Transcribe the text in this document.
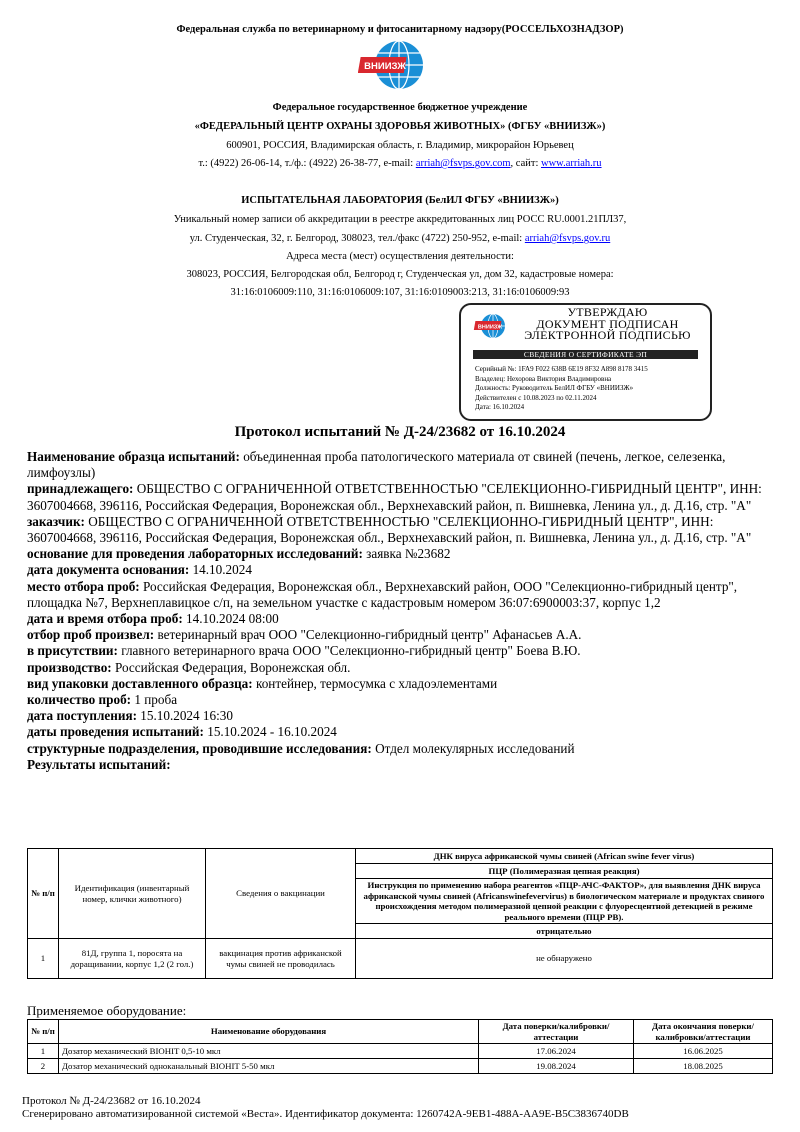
Федеральная служба по ветеринарному и фитосанитарному надзору(РОССЕЛЬХОЗНАДЗОР)
ВНИИЗЖ
Федеральное государственное бюджетное учреждение
«ФЕДЕРАЛЬНЫЙ ЦЕНТР ОХРАНЫ ЗДОРОВЬЯ ЖИВОТНЫХ» (ФГБУ «ВНИИЗЖ»)
600901, РОССИЯ, Владимирская область, г. Владимир, микрорайон Юрьевец
т.: (4922) 26-06-14, т./ф.: (4922) 26-38-77, e-mail: arriah@fsvps.gov.com, сайт: www.arriah.ru
ИСПЫТАТЕЛЬНАЯ ЛАБОРАТОРИЯ (БелИЛ ФГБУ «ВНИИЗЖ»)
Уникальный номер записи об аккредитации в реестре аккредитованных лиц РОСС RU.0001.21ПЛ37,
ул. Студенческая, 32, г. Белгород, 308023, тел./факс (4722) 250-952, e-mail: arriah@fsvps.gov.ru
Адреса места (мест) осуществления деятельности:
308023, РОССИЯ, Белгородская обл, Белгород г, Студенческая ул, дом 32, кадастровые номера:
31:16:0106009:110, 31:16:0106009:107, 31:16:0109003:213, 31:16:0106009:93
ВНИИЗЖ
УТВЕРЖДАЮ
ДОКУМЕНТ ПОДПИСАН
ЭЛЕКТРОННОЙ ПОДПИСЬЮ
СВЕДЕНИЯ О СЕРТИФИКАТЕ ЭП
Серийный №: 1FA9 F022 638B 6E19 8F32 A898 8178 3415
Владелец: Нехорова Виктория Владимировна
Должность: Руководитель БелИЛ ФГБУ «ВНИИЗЖ»
Действителен с 10.08.2023 по 02.11.2024
Дата: 16.10.2024
Протокол испытаний № Д-24/23682 от 16.10.2024

Наименование образца испытаний: объединенная проба патологического материала от свиней (печень, легкое, селезенка, лимфоузлы)

принадлежащего: ОБЩЕСТВО С ОГРАНИЧЕННОЙ ОТВЕТСТВЕННОСТЬЮ "СЕЛЕКЦИОННО-ГИБРИДНЫЙ ЦЕНТР", ИНН: 3607004668, 396116, Российская Федерация, Воронежская обл., Верхнехавский район, п. Вишневка, Ленина ул., д. Д.16, стр. "А"

заказчик: ОБЩЕСТВО С ОГРАНИЧЕННОЙ ОТВЕТСТВЕННОСТЬЮ "СЕЛЕКЦИОННО-ГИБРИДНЫЙ ЦЕНТР", ИНН: 3607004668, 396116, Российская Федерация, Воронежская обл., Верхнехавский район, п. Вишневка, Ленина ул., д. Д.16, стр. "А"

основание для проведения лабораторных исследований: заявка №23682

дата документа основания: 14.10.2024

место отбора проб: Российская Федерация, Воронежская обл., Верхнехавский район, ООО "Селекционно-гибридный центр", площадка №7, Верхнеплавицкое с/п, на земельном участке с кадастровым номером 36:07:6900003:37, корпус 1,2

дата и время отбора проб: 14.10.2024 08:00

отбор проб произвел: ветеринарный врач ООО "Селекционно-гибридный центр" Афанасьев А.А.

в присутствии: главного ветеринарного врача ООО "Селекционно-гибридный центр" Боева В.Ю.

производство: Российская Федерация, Воронежская обл.

вид упаковки доставленного образца: контейнер, термосумка с хладоэлементами

количество проб: 1 проба

дата поступления: 15.10.2024 16:30

даты проведения испытаний: 15.10.2024 - 16.10.2024

структурные подразделения, проводившие исследования: Отдел молекулярных исследований

Результаты испытаний:

№ п/п	Идентификация (инвентарный номер, клички животного)	Сведения о вакцинации	ДНК вируса африканской чумы свиней (African swine fever virus)
			ПЦР (Полимеразная цепная реакция)
			Инструкция по применению набора реагентов «ПЦР-АЧС-ФАКТОР», для выявления ДНК вируса африканской чумы свиней (Africanswinefevervirus) в биологическом материале и продуктах свиного происхождения методом полимеразной цепной реакции с флуоресцентной детекцией в режиме реального времени (ПЦР РВ).
			отрицательно
1	81Д, группа 1, поросята на доращивании, корпус 1,2 (2 гол.)	вакцинация против африканской чумы свиней не проводилась	не обнаружено
Применяемое оборудование:
№ п/п	Наименование оборудования	Дата поверки/калибровки/аттестации	Дата окончания поверки/калибровки/аттестации
1	Дозатор механический BIOHIT 0,5-10 мкл	17.06.2024	16.06.2025
2	Дозатор механический одноканальный BIOHIT 5-50 мкл	19.08.2024	18.08.2025
Протокол № Д-24/23682 от 16.10.2024
Сгенерировано автоматизированной системой «Веста». Идентификатор документа: 1260742A-9EB1-488A-AA9E-B5C3836740DB
